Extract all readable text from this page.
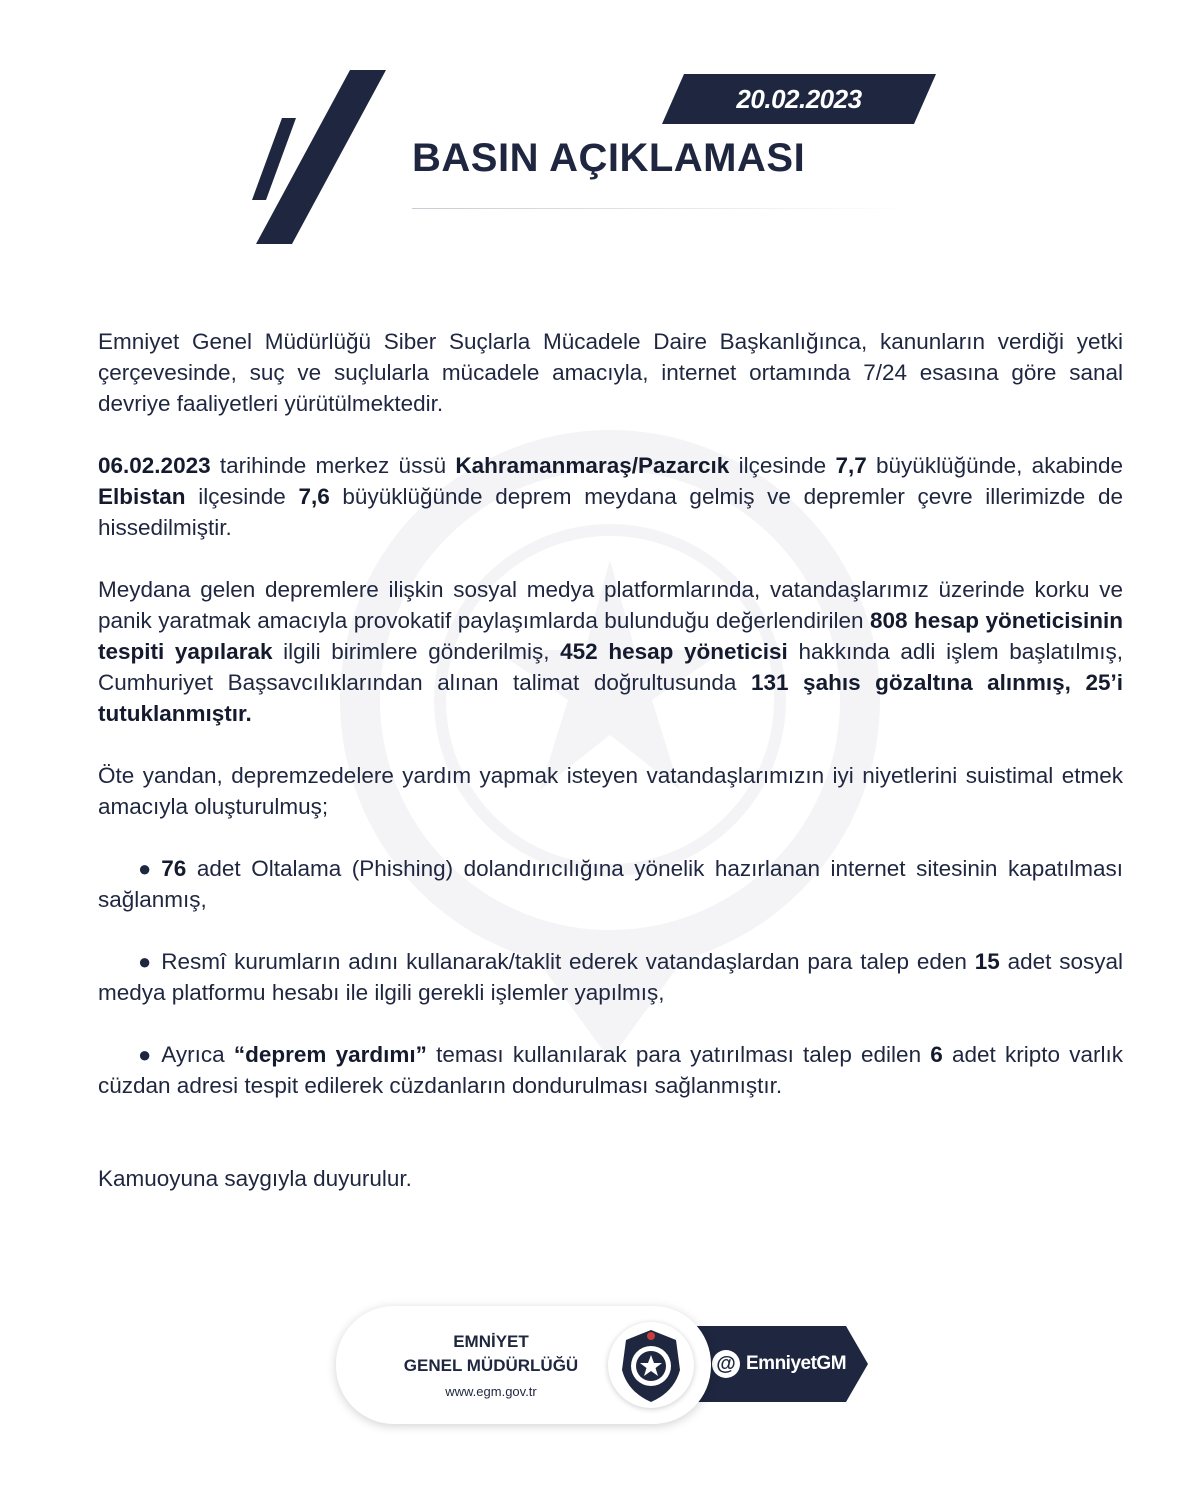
20.02.2023
BASIN AÇIKLAMASI

Emniyet Genel Müdürlüğü Siber Suçlarla Mücadele Daire Başkanlığınca, kanunların verdiği yetki çerçevesinde, suç ve suçlularla mücadele amacıyla, internet ortamında 7/24 esasına göre sanal devriye faaliyetleri yürütülmektedir.

06.02.2023 tarihinde merkez üssü Kahramanmaraş/Pazarcık ilçesinde 7,7 büyüklüğünde, akabinde Elbistan ilçesinde 7,6 büyüklüğünde deprem meydana gelmiş ve depremler çevre illerimizde de hissedilmiştir.

Meydana gelen depremlere ilişkin sosyal medya platformlarında, vatandaşlarımız üzerinde korku ve panik yaratmak amacıyla provokatif paylaşımlarda bulunduğu değerlendirilen 808 hesap yöneticisinin tespiti yapılarak ilgili birimlere gönderilmiş, 452 hesap yöneticisi hakkında adli işlem başlatılmış, Cumhuriyet Başsavcılıklarından alınan talimat doğrultusunda 131 şahıs gözaltına alınmış, 25’i tutuklanmıştır.

Öte yandan, depremzedelere yardım yapmak isteyen vatandaşlarımızın iyi niyetlerini suistimal etmek amacıyla oluşturulmuş;

● 76 adet Oltalama (Phishing) dolandırıcılığına yönelik hazırlanan internet sitesinin kapatılması sağlanmış,

● Resmî kurumların adını kullanarak/taklit ederek vatandaşlardan para talep eden 15 adet sosyal medya platformu hesabı ile ilgili gerekli işlemler yapılmış,

● Ayrıca “deprem yardımı” teması kullanılarak para yatırılması talep edilen 6 adet kripto varlık cüzdan adresi tespit edilerek cüzdanların dondurulması sağlanmıştır.

Kamuoyuna saygıyla duyurulur.
@ EmniyetGM
EMNİYET
GENEL MÜDÜRLÜĞÜ
www.egm.gov.tr
